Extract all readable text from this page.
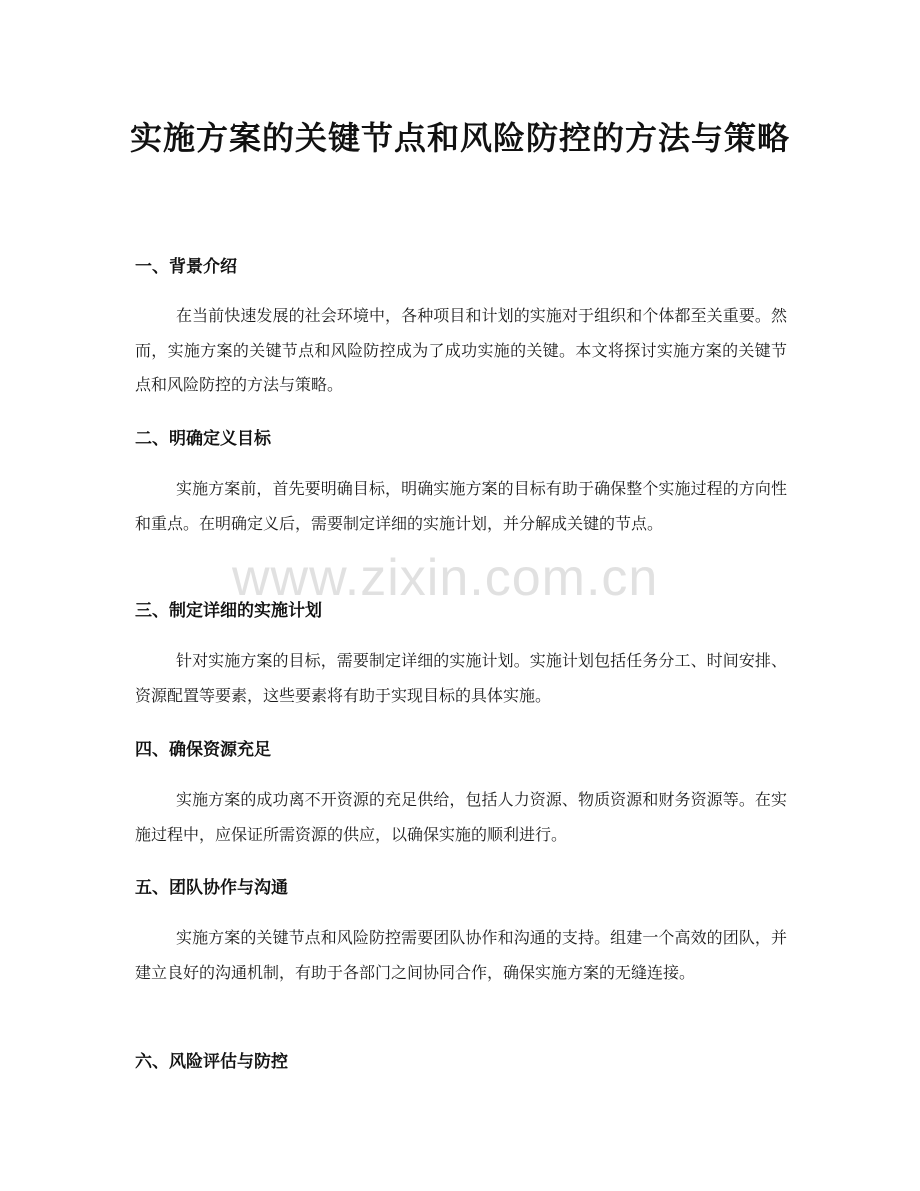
实施方案的关键节点和风险防控的方法与策略
一、背景介绍

在当前快速发展的社会环境中，各种项目和计划的实施对于组织和个体都至关重要。然而，实施方案的关键节点和风险防控成为了成功实施的关键。本文将探讨实施方案的关键节点和风险防控的方法与策略。

二、明确定义目标

实施方案前，首先要明确目标，明确实施方案的目标有助于确保整个实施过程的方向性和重点。在明确定义后，需要制定详细的实施计划，并分解成关键的节点。

三、制定详细的实施计划

针对实施方案的目标，需要制定详细的实施计划。实施计划包括任务分工、时间安排、资源配置等要素，这些要素将有助于实现目标的具体实施。

四、确保资源充足

实施方案的成功离不开资源的充足供给，包括人力资源、物质资源和财务资源等。在实施过程中，应保证所需资源的供应，以确保实施的顺利进行。

五、团队协作与沟通

实施方案的关键节点和风险防控需要团队协作和沟通的支持。组建一个高效的团队，并建立良好的沟通机制，有助于各部门之间协同合作，确保实施方案的无缝连接。

六、风险评估与防控
www.zixin.com.cn
